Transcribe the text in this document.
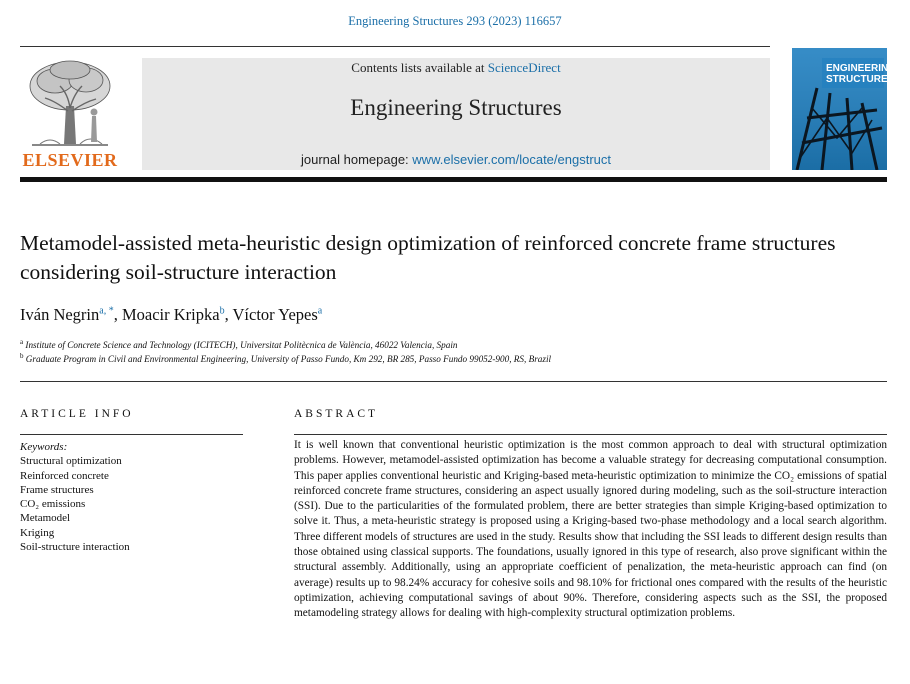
Engineering Structures 293 (2023) 116657
ELSEVIER
Contents lists available at ScienceDirect
Engineering Structures
journal homepage: www.elsevier.com/locate/engstruct
ENGINEERING
STRUCTURES
Metamodel-assisted meta-heuristic design optimization of reinforced concrete frame structures considering soil-structure interaction
Iván Negrin$^{a, *}$, Moacir Kripka$^b$, Víctor Yepes$^a$
$^a$ Institute of Concrete Science and Technology (ICITECH), Universitat Politècnica de València, 46022 Valencia, Spain
$^b$ Graduate Program in Civil and Environmental Engineering, University of Passo Fundo, Km 292, BR 285, Passo Fundo 99052-900, RS, Brazil
ARTICLE INFO	ABSTRACT
Keywords:
Structural optimization
Reinforced concrete
Frame structures
CO₂ emissions
Metamodel
Kriging
Soil-structure interaction
It is well known that conventional heuristic optimization is the most common approach to deal with structural optimization problems. However, metamodel-assisted optimization has become a valuable strategy for decreasing computational consumption. This paper applies conventional heuristic and Kriging-based meta-heuristic optimization to minimize the CO₂ emissions of spatial reinforced concrete frame structures, considering an aspect usually ignored during modeling, such as the soil-structure interaction (SSI). Due to the particularities of the formulated problem, there are better strategies than simple Kriging-based optimization to solve it. Thus, a meta-heuristic strategy is proposed using a Kriging-based two-phase methodology and a local search algorithm. Three different models of structures are used in the study. Results show that including the SSI leads to different design results than those obtained using classical supports. The foundations, usually ignored in this type of research, also prove significant within the structural assembly. Additionally, using an appropriate coefficient of penalization, the meta-heuristic approach can find (on average) results up to 98.24% accuracy for cohesive soils and 98.10% for frictional ones compared with the results of the heuristic optimization, achieving computational savings of about 90%. Therefore, considering aspects such as the SSI, the proposed metamodeling strategy allows for dealing with high-complexity structural optimization problems.
